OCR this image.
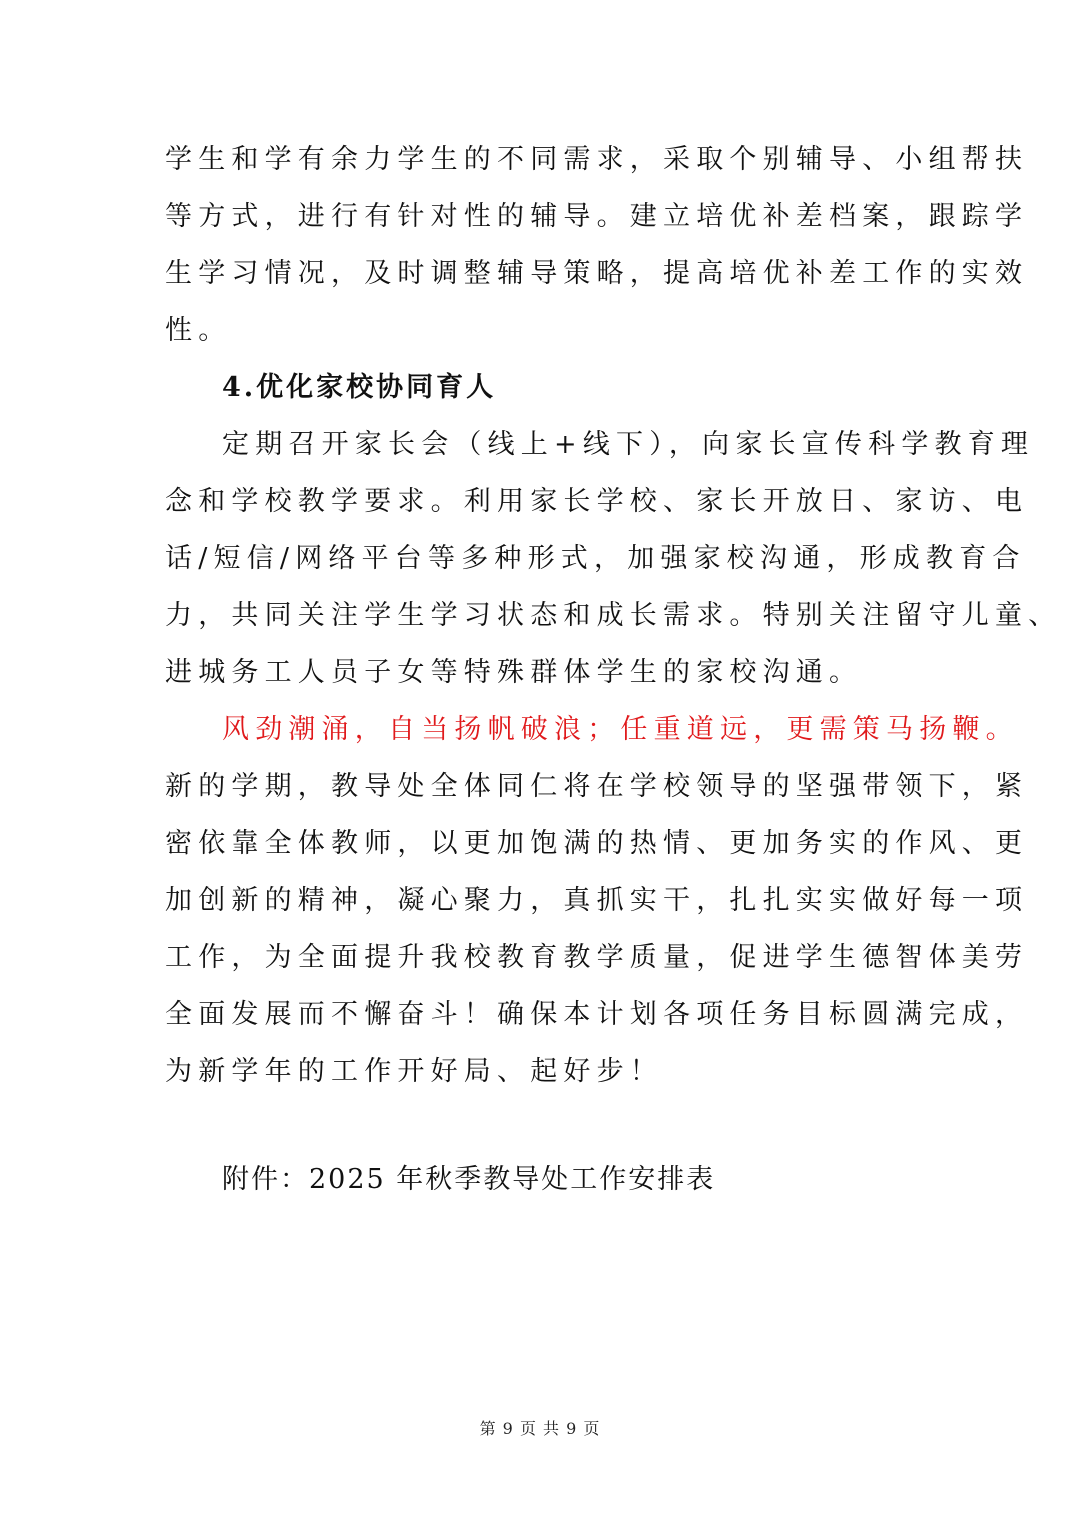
学生和学有余力学生的不同需求，采取个别辅导、小组帮扶
等方式，进行有针对性的辅导。建立培优补差档案，跟踪学
生学习情况，及时调整辅导策略，提高培优补差工作的实效
性。
4.优化家校协同育人
定期召开家长会（线上+线下），向家长宣传科学教育理
念和学校教学要求。利用家长学校、家长开放日、家访、电
话/短信/网络平台等多种形式，加强家校沟通，形成教育合
力，共同关注学生学习状态和成长需求。特别关注留守儿童、
进城务工人员子女等特殊群体学生的家校沟通。
风劲潮涌，自当扬帆破浪；任重道远，更需策马扬鞭。
新的学期，教导处全体同仁将在学校领导的坚强带领下，紧
密依靠全体教师，以更加饱满的热情、更加务实的作风、更
加创新的精神，凝心聚力，真抓实干，扎扎实实做好每一项
工作，为全面提升我校教育教学质量，促进学生德智体美劳
全面发展而不懈奋斗！确保本计划各项任务目标圆满完成，
为新学年的工作开好局、起好步！
附件：2025 年秋季教导处工作安排表
第 9 页 共 9 页
